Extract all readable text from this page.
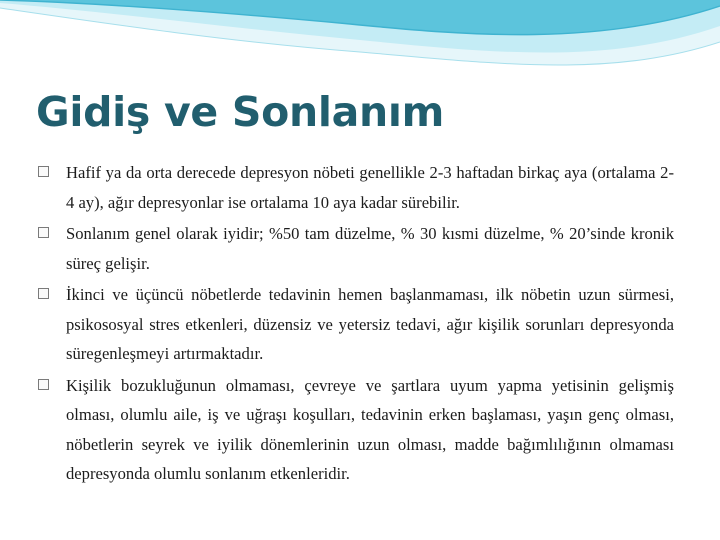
Gidiş ve Sonlanım
Hafif ya da orta derecede depresyon nöbeti genellikle 2-3 haftadan birkaç aya (ortalama 2-4 ay), ağır depresyonlar ise ortalama 10 aya kadar sürebilir.
Sonlanım genel olarak iyidir; %50 tam düzelme, % 30 kısmi düzelme, % 20’sinde kronik süreç gelişir.
İkinci ve üçüncü nöbetlerde tedavinin hemen başlanmaması, ilk nöbetin uzun sürmesi, psikososyal stres etkenleri, düzensiz ve yetersiz tedavi, ağır kişilik sorunları depresyonda süregenleşmeyi artırmaktadır.
Kişilik bozukluğunun olmaması, çevreye ve şartlara uyum yapma yetisinin gelişmiş olması, olumlu aile, iş ve uğraşı koşulları, tedavinin erken başlaması, yaşın genç olması, nöbetlerin seyrek ve iyilik dönemlerinin uzun olması, madde bağımlılığının olmaması depresyonda olumlu sonlanım etkenleridir.
